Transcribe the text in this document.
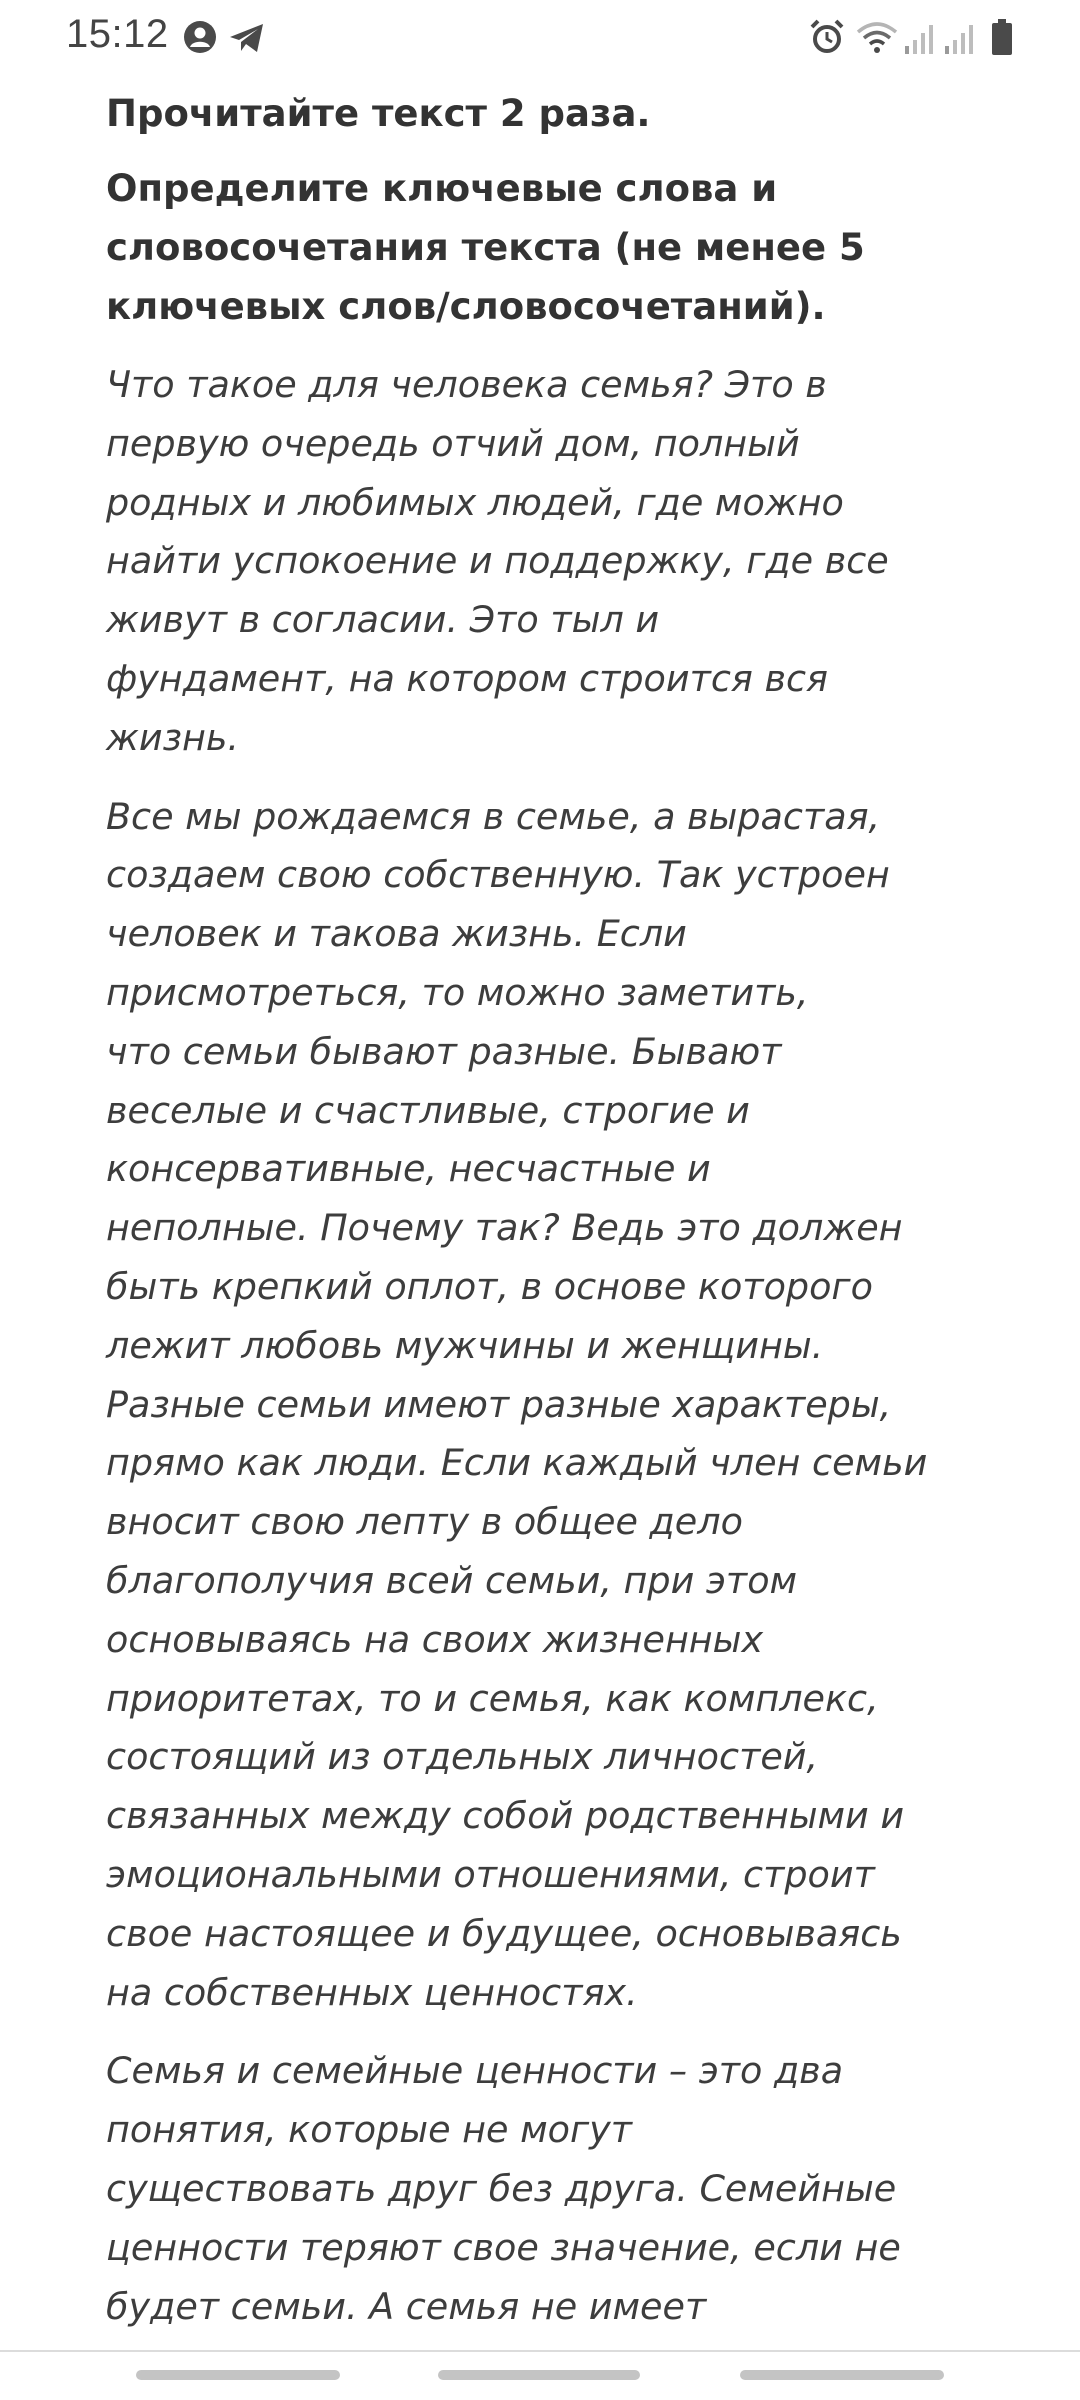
15:12

Прочитайте текст 2 раза.

Определите ключевые слова и
словосочетания текста (не менее 5
ключевых слов/словосочетаний).
Что такое для человека семья? Это в
первую очередь отчий дом, полный
родных и любимых людей, где можно
найти успокоение и поддержку, где все
живут в согласии. Это тыл и
фундамент, на котором строится вся
жизнь.
Все мы рождаемся в семье, а вырастая,
создаем свою собственную. Так устроен
человек и такова жизнь. Если
присмотреться, то можно заметить,
что семьи бывают разные. Бывают
веселые и счастливые, строгие и
консервативные, несчастные и
неполные. Почему так? Ведь это должен
быть крепкий оплот, в основе которого
лежит любовь мужчины и женщины.
Разные семьи имеют разные характеры,
прямо как люди. Если каждый член семьи
вносит свою лепту в общее дело
благополучия всей семьи, при этом
основываясь на своих жизненных
приоритетах, то и семья, как комплекс,
состоящий из отдельных личностей,
связанных между собой родственными и
эмоциональными отношениями, строит
свое настоящее и будущее, основываясь
на собственных ценностях.
Семья и семейные ценности – это два
понятия, которые не могут
существовать друг без друга. Семейные
ценности теряют свое значение, если не
будет семьи. А семья не имеет
